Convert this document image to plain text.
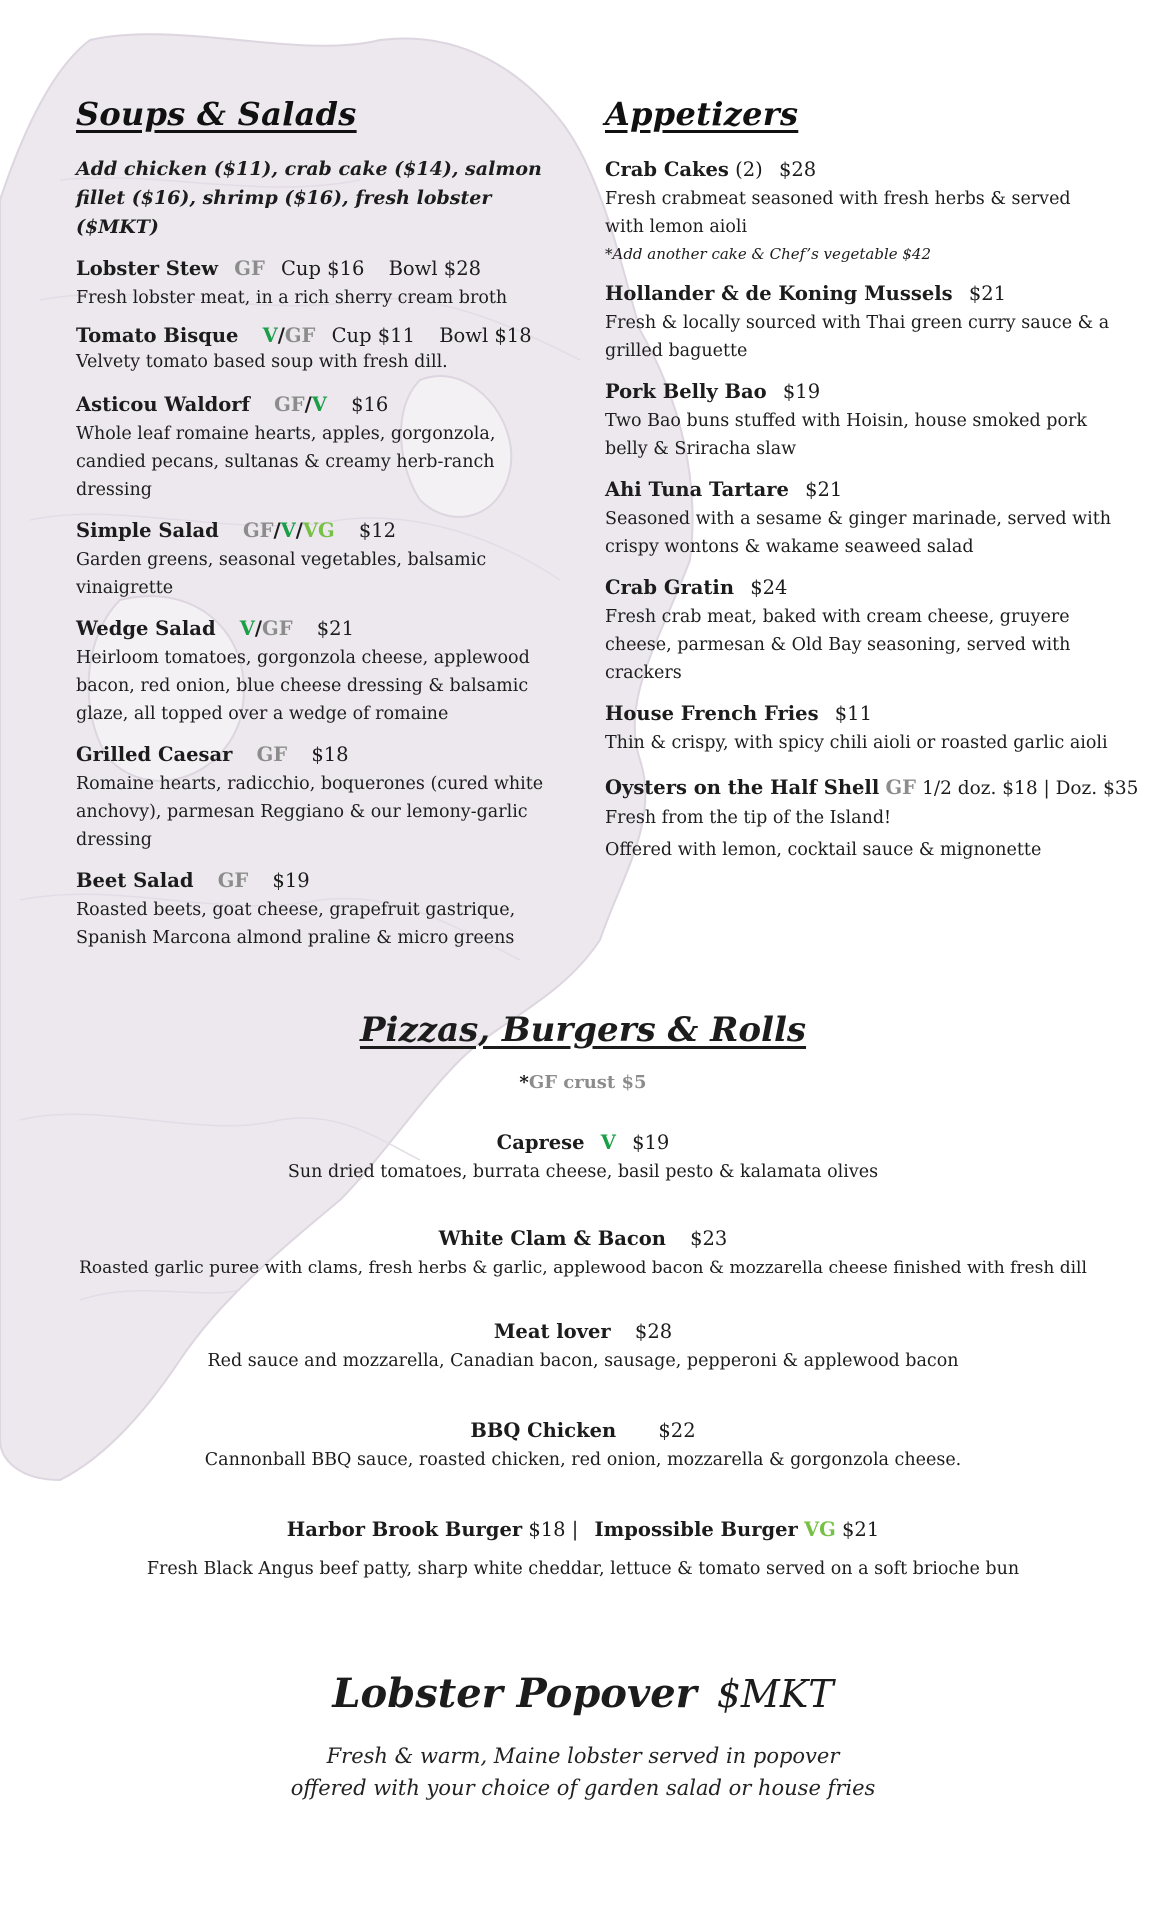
Soups & Salads
Add chicken ($11), crab cake ($14), salmon fillet ($16), shrimp ($16), fresh lobster ($MKT)
Lobster Stew GF Cup $16 Bowl $28
Fresh lobster meat, in a rich sherry cream broth
Tomato Bisque V/GF Cup $11 Bowl $18
Velvety tomato based soup with fresh dill.
Asticou Waldorf GF/V $16
Whole leaf romaine hearts, apples, gorgonzola, candied pecans, sultanas & creamy herb-ranch dressing
Simple Salad GF/V/VG $12
Garden greens, seasonal vegetables, balsamic vinaigrette
Wedge Salad V/GF $21
Heirloom tomatoes, gorgonzola cheese, applewood bacon, red onion, blue cheese dressing & balsamic glaze, all topped over a wedge of romaine
Grilled Caesar GF $18
Romaine hearts, radicchio, boquerones (cured white anchovy), parmesan Reggiano & our lemony-garlic dressing
Beet Salad GF $19
Roasted beets, goat cheese, grapefruit gastrique, Spanish Marcona almond praline & micro greens
Appetizers
Crab Cakes (2) $28
Fresh crabmeat seasoned with fresh herbs & served with lemon aioli
*Add another cake & Chef’s vegetable $42
Hollander & de Koning Mussels $21
Fresh & locally sourced with Thai green curry sauce & a grilled baguette
Pork Belly Bao $19
Two Bao buns stuffed with Hoisin, house smoked pork belly & Sriracha slaw
Ahi Tuna Tartare $21
Seasoned with a sesame & ginger marinade, served with crispy wontons & wakame seaweed salad
Crab Gratin $24
Fresh crab meat, baked with cream cheese, gruyere cheese, parmesan & Old Bay seasoning, served with crackers
House French Fries $11
Thin & crispy, with spicy chili aioli or roasted garlic aioli
Oysters on the Half Shell GF 1/2 doz. $18 | Doz. $35
Fresh from the tip of the Island!
Offered with lemon, cocktail sauce & mignonette
Pizzas, Burgers & Rolls
*GF crust $5
Caprese V $19
Sun dried tomatoes, burrata cheese, basil pesto & kalamata olives
White Clam & Bacon $23
Roasted garlic puree with clams, fresh herbs & garlic, applewood bacon & mozzarella cheese finished with fresh dill
Meat lover $28
Red sauce and mozzarella, Canadian bacon, sausage, pepperoni & applewood bacon
BBQ Chicken $22
Cannonball BBQ sauce, roasted chicken, red onion, mozzarella & gorgonzola cheese.
Harbor Brook Burger $18 | Impossible Burger VG $21
Fresh Black Angus beef patty, sharp white cheddar, lettuce & tomato served on a soft brioche bun
Lobster Popover $MKT
Fresh & warm, Maine lobster served in popover
offered with your choice of garden salad or house fries
